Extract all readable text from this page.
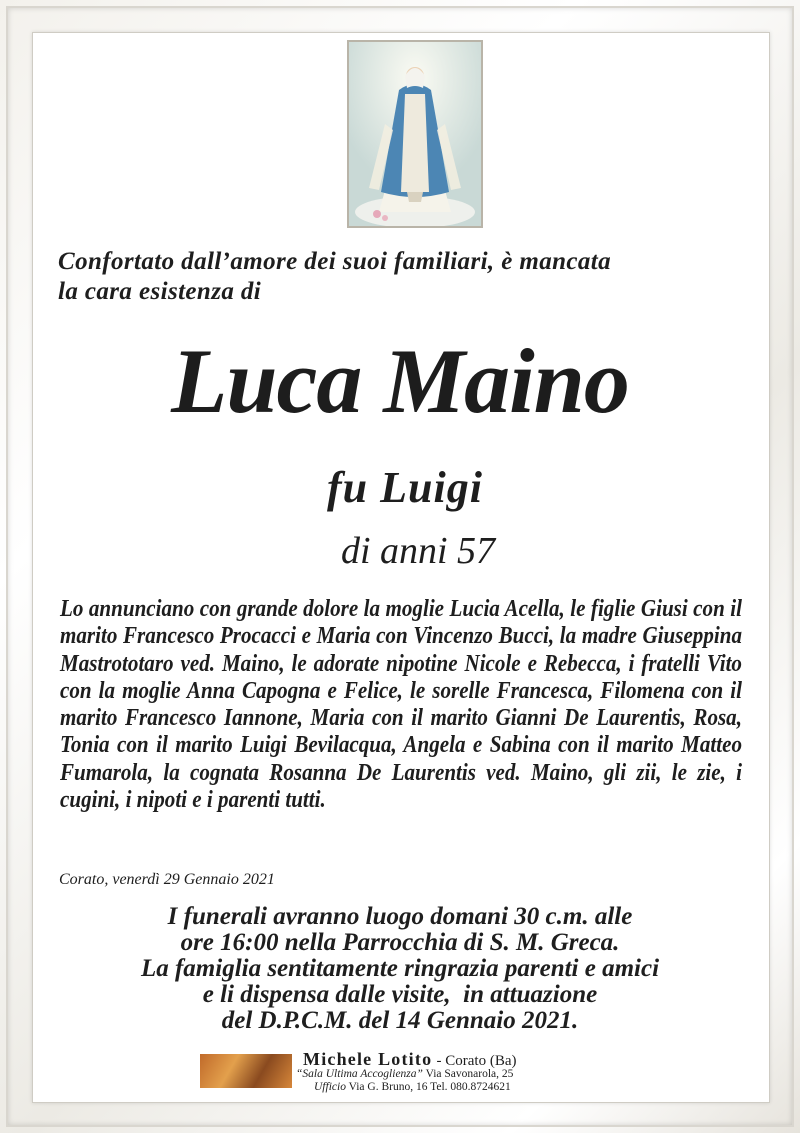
Confortato dall’amore dei suoi familiari, è mancata
la cara esistenza di
Luca Maino
fu Luigi
di anni 57
Lo annunciano con grande dolore la moglie Lucia Acella, le figlie Giusi con il marito Francesco Procacci e Maria con Vincenzo Bucci, la madre Giuseppina Mastrototaro ved. Maino, le adorate nipotine Nicole e Rebecca, i fratelli Vito con la moglie Anna Capogna e Felice, le sorelle Francesca, Filomena con il marito Francesco Iannone, Maria con il marito Gianni De Laurentis, Rosa, Tonia con il marito Luigi Bevilacqua, Angela e Sabina con il marito Matteo Fumarola, la cognata Rosanna De Laurentis ved. Maino, gli zii, le zie, i cugini, i nipoti e i parenti tutti.
Corato, venerdì 29 Gennaio 2021
I funerali avranno luogo domani 30 c.m. alle
ore 16:00 nella Parrocchia di S. M. Greca.
La famiglia sentitamente ringrazia parenti e amici
e li dispensa dalle visite,  in attuazione
del D.P.C.M. del 14 Gennaio 2021.
Michele Lotito - Corato (Ba)
“Sala Ultima Accoglienza” Via Savonarola, 25
Ufficio Via G. Bruno, 16 Tel. 080.8724621
